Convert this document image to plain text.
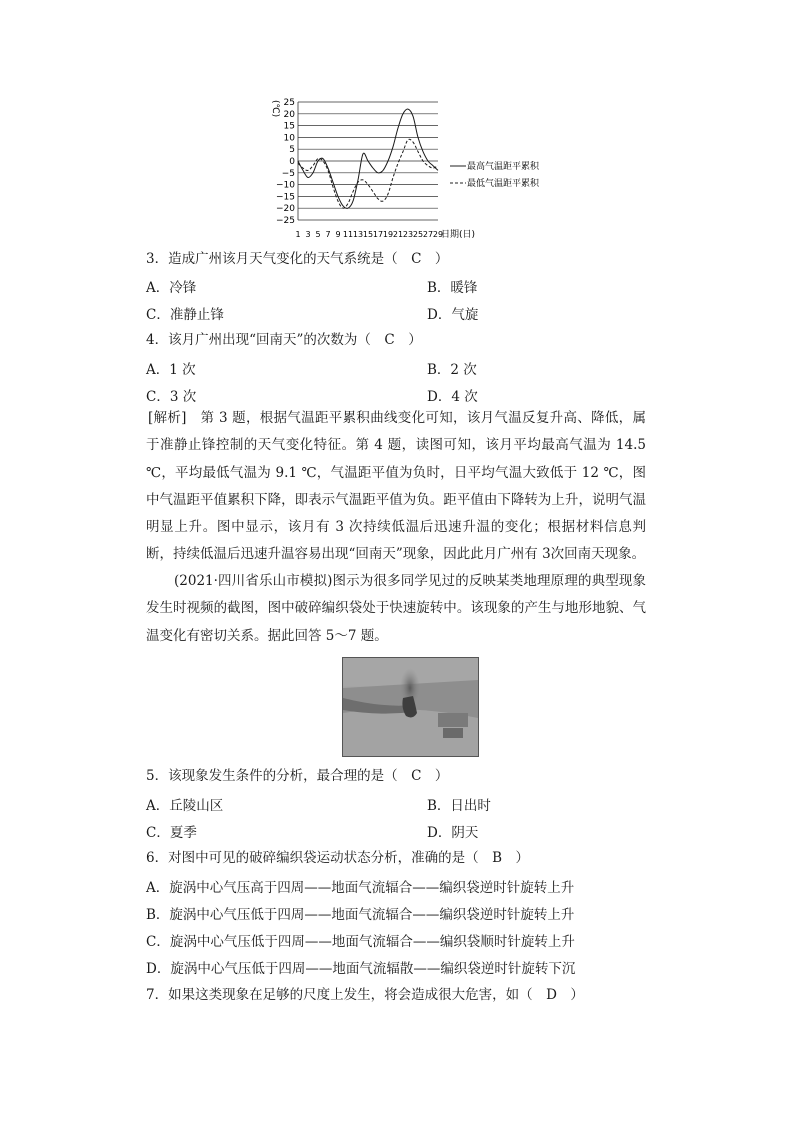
(℃) 25
20
15
10
5
0
−5
−10
−15
−20
−25
1 3 5 7 9 11 13 15 17 19 21 23 25 27 29
日期(日)
最高气温距平累积
最低气温距平累积
3．造成广州该月天气变化的天气系统是（　C　）
A．冷锋	B．暖锋
C．准静止锋	D．气旋
4．该月广州出现“回南天”的次数为（　C　）
A．1 次	B．2 次
C．3 次	D．4 次
[解析]　第 3 题，根据气温距平累积曲线变化可知，该月气温反复升高、降低，属于准静止锋控制的天气变化特征。第 4 题，读图可知，该月平均最高气温为 14.5 ℃，平均最低气温为 9.1 ℃，气温距平值为负时，日平均气温大致低于 12 ℃，图中气温距平值累积下降，即表示气温距平值为负。距平值由下降转为上升，说明气温明显上升。图中显示，该月有 3 次持续低温后迅速升温的变化；根据材料信息判断，持续低温后迅速升温容易出现“回南天”现象，因此此月广州有 3次回南天现象。
(2021·四川省乐山市模拟)图示为很多同学见过的反映某类地理原理的典型现象发生时视频的截图，图中破碎编织袋处于快速旋转中。该现象的产生与地形地貌、气温变化有密切关系。据此回答 5～7 题。
5．该现象发生条件的分析，最合理的是（　C　）
A．丘陵山区	B．日出时
C．夏季	D．阴天
6．对图中可见的破碎编织袋运动状态分析，准确的是（　B　）
A．旋涡中心气压高于四周——地面气流辐合——编织袋逆时针旋转上升
B．旋涡中心气压低于四周——地面气流辐合——编织袋逆时针旋转上升
C．旋涡中心气压低于四周——地面气流辐合——编织袋顺时针旋转上升
D．旋涡中心气压低于四周——地面气流辐散——编织袋逆时针旋转下沉
7．如果这类现象在足够的尺度上发生，将会造成很大危害，如（　D　）
